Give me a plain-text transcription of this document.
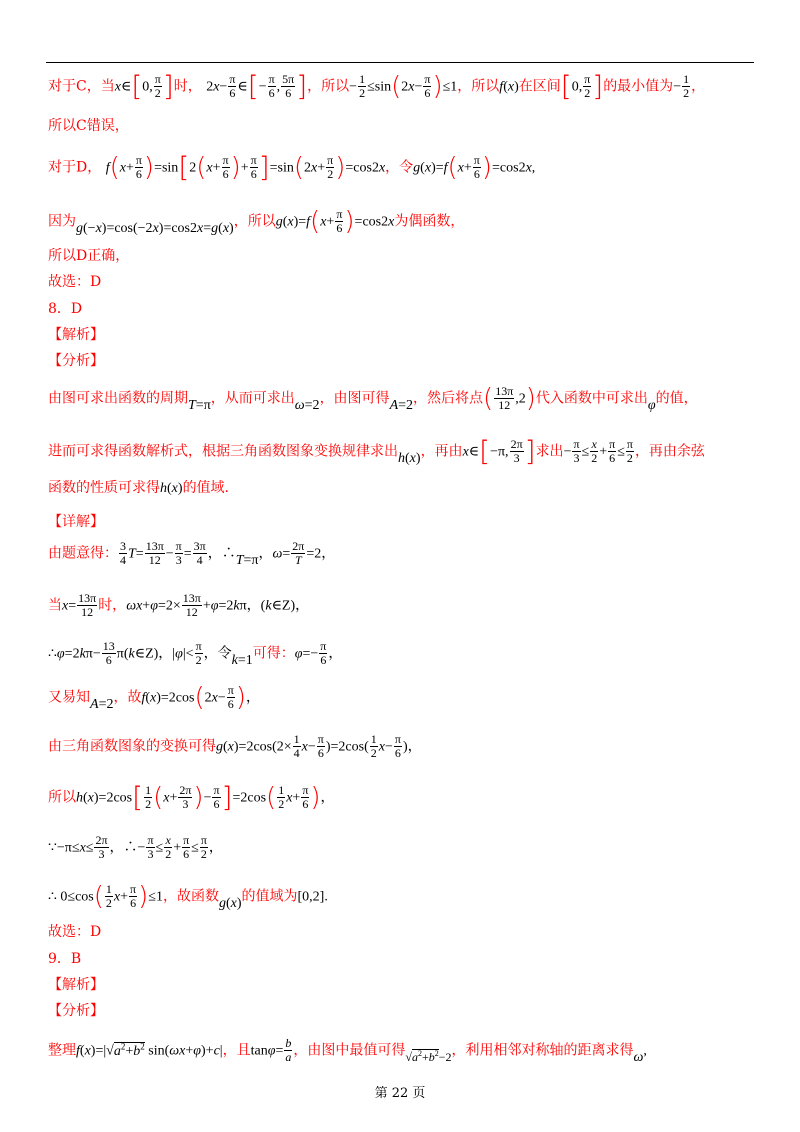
对于C，当x∈[0, $\frac{\pi}{2}$ ]时， $2x- \frac{\pi}{6}$ ∈[− $\frac{\pi}{6}$ , $\frac{5\pi}{6}$ ]，所以− $\frac{1}{2} \le\sin(2x- \frac{\pi}{6} )\le 1$，所以f(x)在区间[0, $\frac{\pi}{2}$ ]的最小值为− $\frac{1}{2}$ ，
所以C错误，
对于D， $f(x+ \frac{\pi}{6} )=\sin[2(x+ \frac{\pi}{6}$ )+ $\frac{\pi}{6} ]=\sin(2x+ \frac{\pi}{2} )=\cos 2x$，令$g(x)=f(x+ \frac{\pi}{6} )=\cos 2x$,
因为g(−x)=cos(−2x)=cos2x=g(x)，所以$g(x)=f(x+ \frac{\pi}{6} )=\cos 2x$为偶函数，
所以D正确，
故选：D
8．D
【解析】
【分析】
由图可求出函数的周期T=π，从而可求出ω=2，由图可得A=2，然后将点( $\frac{13\pi}{12} ,2$)代入函数中可求出φ的值，
进而可求得函数解析式，根据三角函数图象变换规律求出h(x)，再由x∈[−π, $\frac{2\pi}{3}$ ]求出− $\frac{\pi}{3} \le \frac{x}{2} + \frac{\pi}{6} \le \frac{\pi}{2}$ ，再由余弦
函数的性质可求得h(x)的值域.
【详解】
由题意得： $\frac{3}{4} T= \frac{13\pi}{12} - \frac{\pi}{3} = \frac{3\pi}{4}$ ，∴T=π，$\omega= \frac{2\pi}{T} =2$，
当$x= \frac{13\pi}{12}$ 时，$\omega x+\varphi=2\times \frac{13\pi}{12} +\varphi=2k\pi$，(k∈Z)，
∴φ=2kπ− $\frac{13}{6}$ π(k∈Z)，$|\varphi|< \frac{\pi}{2}$ ，令k=1可得：$\varphi=- \frac{\pi}{6}$ ，
又易知A=2，故$f(x)=2\cos(2x- \frac{\pi}{6}$ )，
由三角函数图象的变换可得$g(x)=2\cos(2\times \frac{1}{4} x- \frac{\pi}{6} )=2\cos( \frac{1}{2} x- \frac{\pi}{6}$ )，
所以$h(x)=2\cos[ \frac{1}{2} (x+ \frac{2\pi}{3}$ )− $\frac{\pi}{6} ]=2\cos( \frac{1}{2} x+ \frac{\pi}{6}$ )，
∵−π≤x≤ $\frac{2\pi}{3}$ ，∴− $\frac{\pi}{3} \le \frac{x}{2} + \frac{\pi}{6} \le \frac{\pi}{2}$ ，
∴ $0\le\cos( \frac{1}{2} x+ \frac{\pi}{6} )\le 1$，故函数g(x)的值域为[0,2].
故选：D
9．B
【解析】
【分析】
整理$f(x)=|√a^2+b^2$ sin(ωx+φ)+c|，且$\tan\varphi= \frac{b}{a}$ ，由图中最值可得$√a^2+b^2-2$，利用相邻对称轴的距离求得ω,
第 22 页
